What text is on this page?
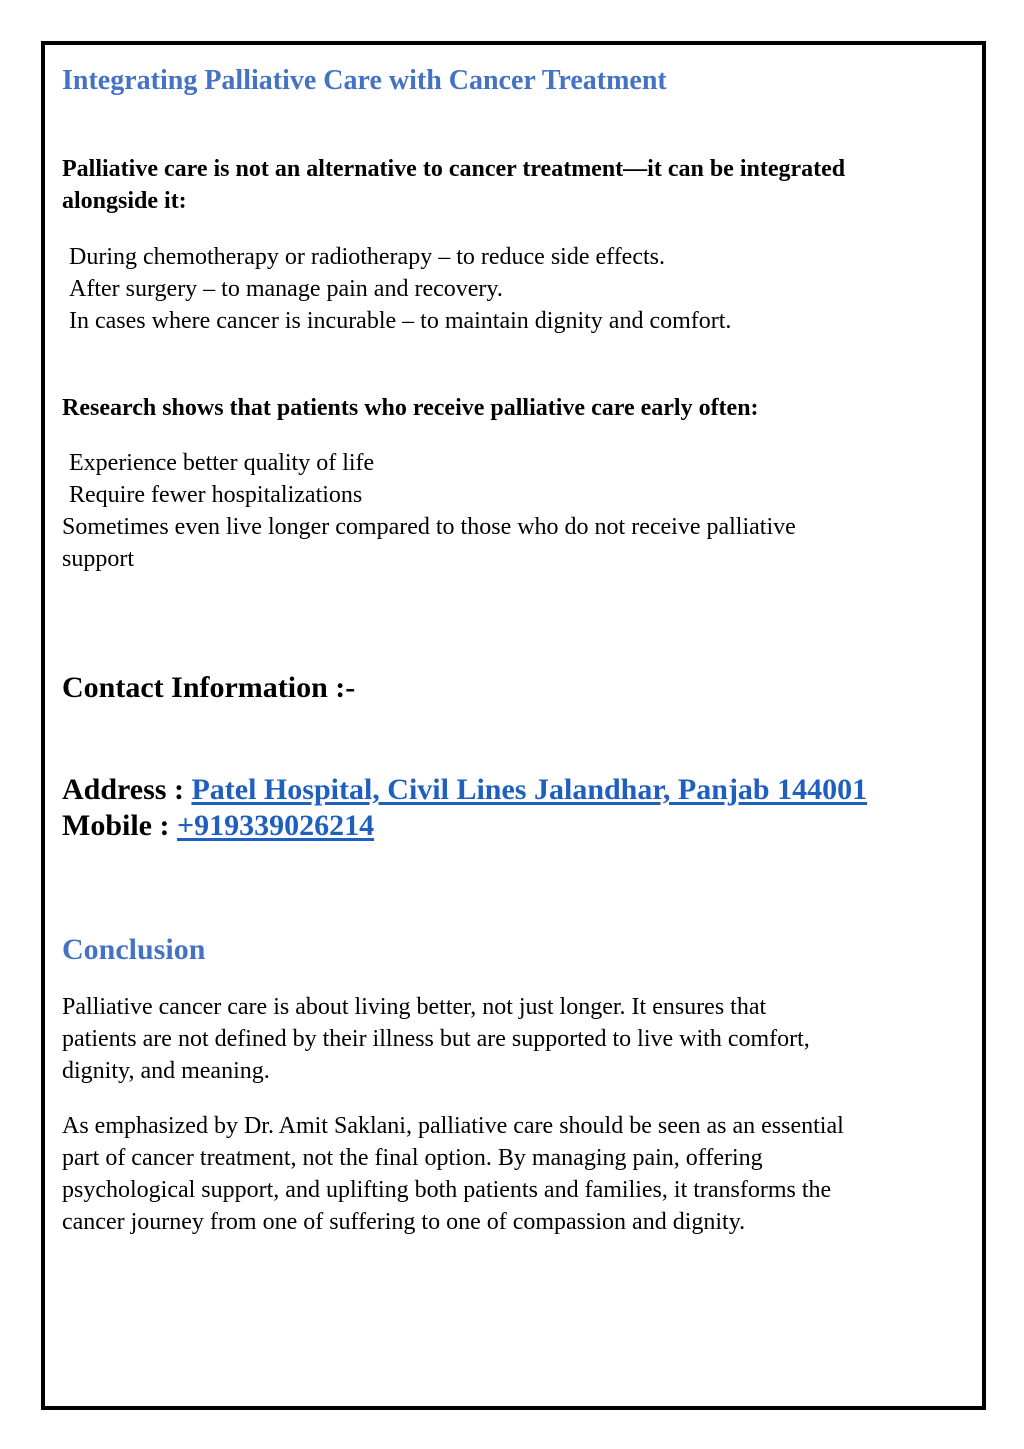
Integrating Palliative Care with Cancer Treatment
Palliative care is not an alternative to cancer treatment—it can be integrated
alongside it:
During chemotherapy or radiotherapy – to reduce side effects.
After surgery – to manage pain and recovery.
In cases where cancer is incurable – to maintain dignity and comfort.
Research shows that patients who receive palliative care early often:
Experience better quality of life
Require fewer hospitalizations
Sometimes even live longer compared to those who do not receive palliative
support
Contact Information :-
Address : Patel Hospital, Civil Lines Jalandhar, Panjab 144001
Mobile : +919339026214
Conclusion
Palliative cancer care is about living better, not just longer. It ensures that
patients are not defined by their illness but are supported to live with comfort,
dignity, and meaning.
As emphasized by Dr. Amit Saklani, palliative care should be seen as an essential
part of cancer treatment, not the final option. By managing pain, offering
psychological support, and uplifting both patients and families, it transforms the
cancer journey from one of suffering to one of compassion and dignity.
